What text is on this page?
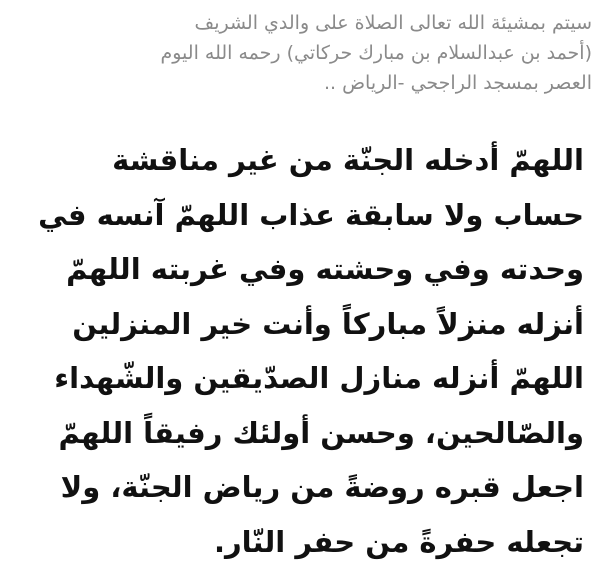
سيتم بمشيئة الله تعالى الصلاة على والدي الشريف
(أحمد بن عبدالسلام بن مبارك حركاتي) رحمه الله اليوم
العصر بمسجد الراجحي -الرياض ..
اللهمّ أدخله الجنّة من غير مناقشة
حساب ولا سابقة عذاب اللهمّ آنسه في
وحدته وفي وحشته وفي غربته اللهمّ
أنزله منزلاً مباركاً وأنت خير المنزلين
اللهمّ أنزله منازل الصدّيقين والشّهداء
والصّالحين، وحسن أولئك رفيقاً اللهمّ
اجعل قبره روضةً من رياض الجنّة، ولا
تجعله حفرةً من حفر النّار.
